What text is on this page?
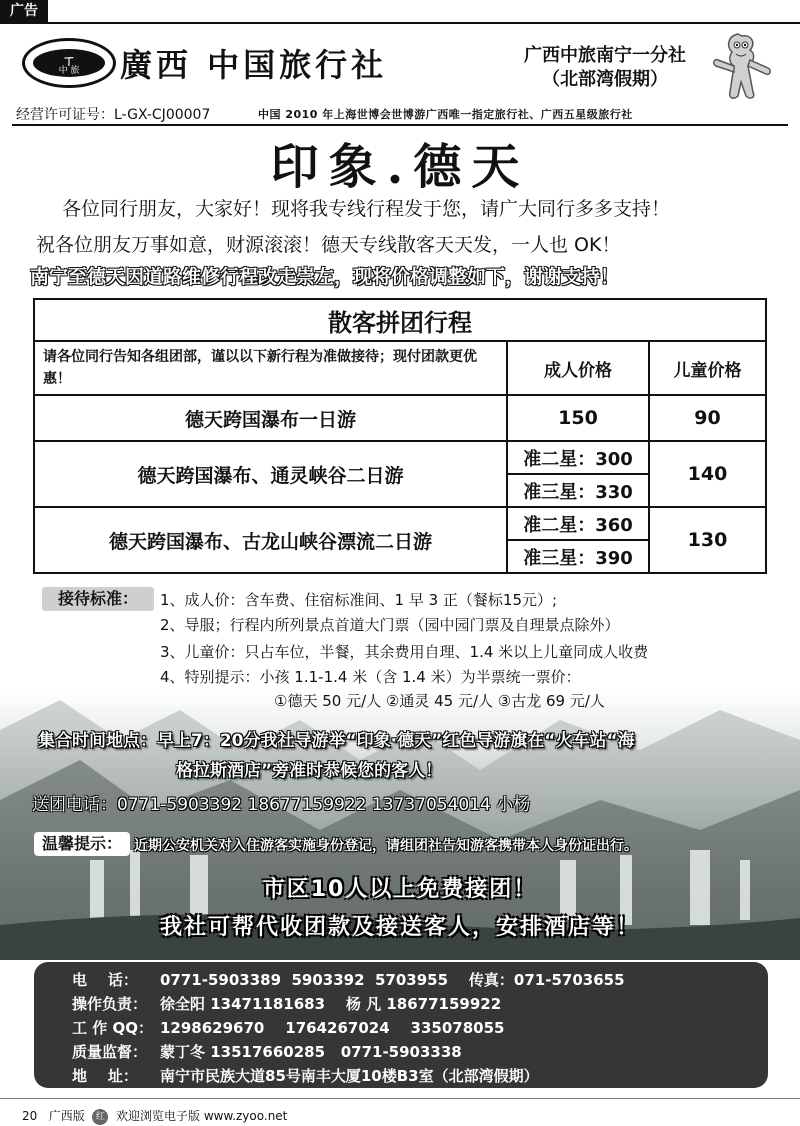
广告
ㄒ
中 旅	廣西 中国旅行社	广西中旅南宁一分社
（北部湾假期）
经营许可证号：L-GX-CJ00007	中国 2010 年上海世博会世博游广西唯一指定旅行社、广西五星级旅行社
印象.德天
各位同行朋友，大家好！现将我专线行程发于您，请广大同行多多支持！
祝各位朋友万事如意，财源滚滚！德天专线散客天天发，一人也 OK！
南宁至德天因道路维修行程改走崇左，现将价格调整如下，谢谢支持！
散客拼团行程		
请各位同行告知各组团部，谨以以下新行程为准做接待；现付团款更优惠！	成人价格	儿童价格
德天跨国瀑布一日游	150	90
德天跨国瀑布、通灵峡谷二日游	准二星：300	140
	准三星：330	
德天跨国瀑布、古龙山峡谷漂流二日游	准二星：360	130
	准三星：390	
接待标准：	1、成人价：含车费、住宿标准间、1 早 3 正（餐标15元）;
2、导服；行程内所列景点首道大门票（园中园门票及自理景点除外）
3、儿童价：只占车位，半餐，其余费用自理、1.4 米以上儿童同成人收费
4、特别提示：小孩 1.1-1.4 米（含 1.4 米）为半票统一票价：
①德天 50 元/人 ②通灵 45 元/人 ③古龙 69 元/人
集合时间地点：早上7：20分我社导游举“印象·德天”红色导游旗在“火车站“海
格拉斯酒店”旁准时恭候您的客人！
送团电话：0771-5903392 18677159922 13737054014 小杨
温馨提示： 近期公安机关对入住游客实施身份登记，请组团社告知游客携带本人身份证出行。
市区10人以上免费接团！
我社可帮代收团款及接送客人，安排酒店等！
电    话： 0771-5903389  5903392  5703955    传真：071-5703655
操作负责： 徐全阳 13471181683    杨 凡 18677159922
工 作 QQ： 1298629670    1764267024    335078055
质量监督： 蒙丁冬 13517660285   0771-5903338
地    址： 南宁市民族大道85号南丰大厦10楼B3室（北部湾假期）
20 广西版 红 欢迎浏览电子版 www.zyoo.net
